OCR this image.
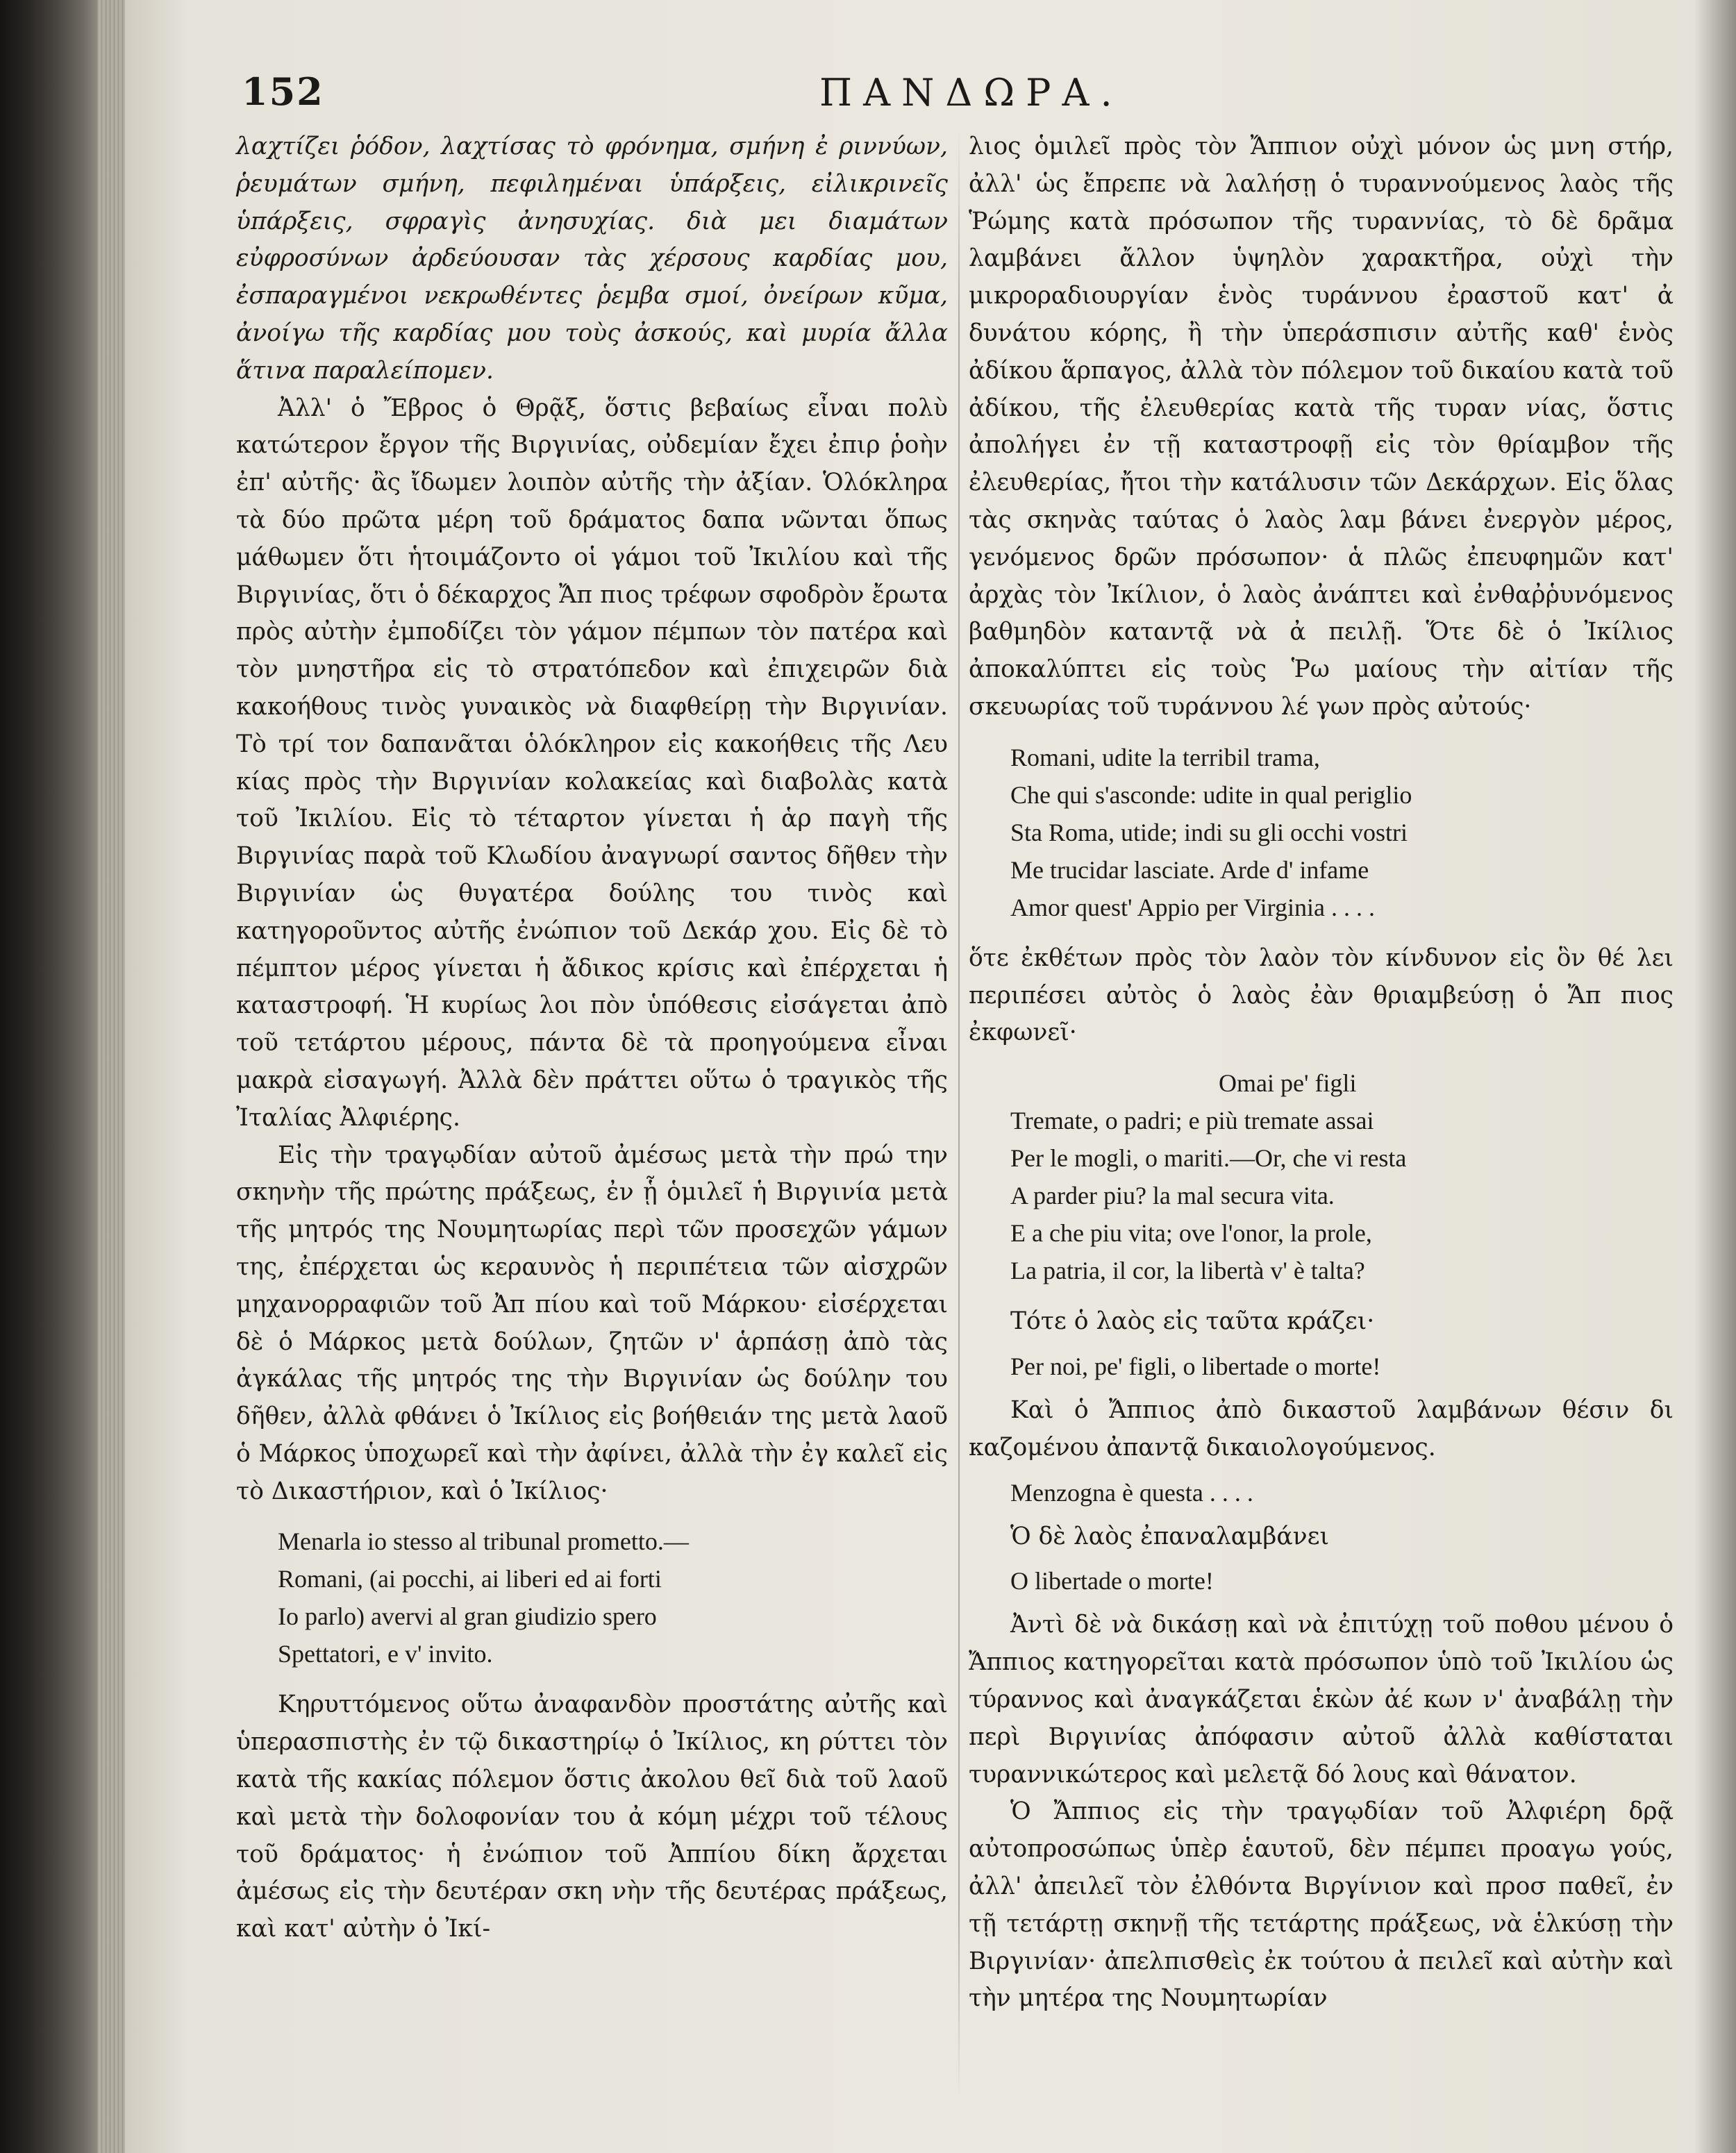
152	ΠΑΝΔΩΡΑ.

λαχτίζει ῥόδον, λαχτίσας τὸ φρόνημα, σμήνη ἐ ριννύων, ῥευμάτων σμήνη, πεφιλημέναι ὑπάρξεις, εἰλικρινεῖς ὑπάρξεις, σφραγὶς ἀνησυχίας. διὰ μει διαμάτων εὐφροσύνων ἀρδεύουσαν τὰς χέρσους καρδίας μου, ἐσπαραγμένοι νεκρωθέντες ῥεμβα σμοί, ὀνείρων κῦμα, ἀνοίγω τῆς καρδίας μου τοὺς ἀσκούς, καὶ μυρία ἄλλα ἅτινα παραλείπομεν.

Ἀλλ' ὁ Ἔβρος ὁ Θρᾷξ, ὅστις βεβαίως εἶναι πολὺ κατώτερον ἔργον τῆς Βιργινίας, οὐδεμίαν ἔχει ἐπιρ ῥοὴν ἐπ' αὐτῆς· ἂς ἴδωμεν λοιπὸν αὐτῆς τὴν ἀξίαν. Ὁλόκληρα τὰ δύο πρῶτα μέρη τοῦ δράματος δαπα νῶνται ὅπως μάθωμεν ὅτι ἡτοιμάζοντο οἱ γάμοι τοῦ Ἰκιλίου καὶ τῆς Βιργινίας, ὅτι ὁ δέκαρχος Ἄπ πιος τρέφων σφοδρὸν ἔρωτα πρὸς αὐτὴν ἐμποδίζει τὸν γάμον πέμπων τὸν πατέρα καὶ τὸν μνηστῆρα εἰς τὸ στρατόπεδον καὶ ἐπιχειρῶν διὰ κακοήθους τινὸς γυναικὸς νὰ διαφθείρῃ τὴν Βιργινίαν. Τὸ τρί τον δαπανᾶται ὁλόκληρον εἰς κακοήθεις τῆς Λευ κίας πρὸς τὴν Βιργινίαν κολακείας καὶ διαβολὰς κατὰ τοῦ Ἰκιλίου. Εἰς τὸ τέταρτον γίνεται ἡ ἁρ παγὴ τῆς Βιργινίας παρὰ τοῦ Κλωδίου ἀναγνωρί σαντος δῆθεν τὴν Βιργινίαν ὡς θυγατέρα δούλης του τινὸς καὶ κατηγοροῦντος αὐτῆς ἐνώπιον τοῦ Δεκάρ χου. Εἰς δὲ τὸ πέμπτον μέρος γίνεται ἡ ἄδικος κρίσις καὶ ἐπέρχεται ἡ καταστροφή. Ἡ κυρίως λοι πὸν ὑπόθεσις εἰσάγεται ἀπὸ τοῦ τετάρτου μέρους, πάντα δὲ τὰ προηγούμενα εἶναι μακρὰ εἰσαγωγή. Ἀλλὰ δὲν πράττει οὕτω ὁ τραγικὸς τῆς Ἰταλίας Ἀλφιέρης.

Εἰς τὴν τραγῳδίαν αὐτοῦ ἀμέσως μετὰ τὴν πρώ την σκηνὴν τῆς πρώτης πράξεως, ἐν ᾗ ὁμιλεῖ ἡ Βιργινία μετὰ τῆς μητρός της Νουμητωρίας περὶ τῶν προσεχῶν γάμων της, ἐπέρχεται ὡς κεραυνὸς ἡ περιπέτεια τῶν αἰσχρῶν μηχανορραφιῶν τοῦ Ἀπ πίου καὶ τοῦ Μάρκου· εἰσέρχεται δὲ ὁ Μάρκος μετὰ δούλων, ζητῶν ν' ἁρπάσῃ ἀπὸ τὰς ἀγκάλας τῆς μητρός της τὴν Βιργινίαν ὡς δούλην του δῆθεν, ἀλλὰ φθάνει ὁ Ἰκίλιος εἰς βοήθειάν της μετὰ λαοῦ ὁ Μάρκος ὑποχωρεῖ καὶ τὴν ἀφίνει, ἀλλὰ τὴν ἐγ καλεῖ εἰς τὸ Δικαστήριον, καὶ ὁ Ἰκίλιος·

Menarla io stesso al tribunal prometto.—
Romani, (ai pocchi, ai liberi ed ai forti
Io parlo) avervi al gran giudizio spero
Spettatori, e v' invito.

Κηρυττόμενος οὕτω ἀναφανδὸν προστάτης αὐτῆς καὶ ὑπερασπιστὴς ἐν τῷ δικαστηρίῳ ὁ Ἰκίλιος, κη ρύττει τὸν κατὰ τῆς κακίας πόλεμον ὅστις ἀκολου θεῖ διὰ τοῦ λαοῦ καὶ μετὰ τὴν δολοφονίαν του ἀ κόμη μέχρι τοῦ τέλους τοῦ δράματος· ἡ ἐνώπιον τοῦ Ἀππίου δίκη ἄρχεται ἀμέσως εἰς τὴν δευτέραν σκη νὴν τῆς δευτέρας πράξεως, καὶ κατ' αὐτὴν ὁ Ἰκί-

λιος ὁμιλεῖ πρὸς τὸν Ἄππιον οὐχὶ μόνον ὡς μνη στήρ, ἀλλ' ὡς ἔπρεπε νὰ λαλήσῃ ὁ τυραννούμενος λαὸς τῆς Ῥώμης κατὰ πρόσωπον τῆς τυραννίας, τὸ δὲ δρᾶμα λαμβάνει ἄλλον ὑψηλὸν χαρακτῆρα, οὐχὶ τὴν μικροραδιουργίαν ἑνὸς τυράννου ἐραστοῦ κατ' ἀ δυνάτου κόρης, ἢ τὴν ὑπεράσπισιν αὐτῆς καθ' ἑνὸς ἀδίκου ἅρπαγος, ἀλλὰ τὸν πόλεμον τοῦ δικαίου κατὰ τοῦ ἀδίκου, τῆς ἐλευθερίας κατὰ τῆς τυραν νίας, ὅστις ἀπολήγει ἐν τῇ καταστροφῇ εἰς τὸν θρίαμβον τῆς ἐλευθερίας, ἤτοι τὴν κατάλυσιν τῶν Δεκάρχων. Εἰς ὅλας τὰς σκηνὰς ταύτας ὁ λαὸς λαμ βάνει ἐνεργὸν μέρος, γενόμενος δρῶν πρόσωπον· ἁ πλῶς ἐπευφημῶν κατ' ἀρχὰς τὸν Ἰκίλιον, ὁ λαὸς ἀνάπτει καὶ ἐνθαῤῥυνόμενος βαθμηδὸν καταντᾷ νὰ ἀ πειλῇ. Ὅτε δὲ ὁ Ἰκίλιος ἀποκαλύπτει εἰς τοὺς Ῥω μαίους τὴν αἰτίαν τῆς σκευωρίας τοῦ τυράννου λέ γων πρὸς αὐτούς·

Romani, udite la terribil trama,
Che qui s'asconde: udite in qual periglio
Sta Roma, utide; indi su gli occhi vostri
Me trucidar lasciate. Arde d' infame
Amor quest' Appio per Virginia . . . .

ὅτε ἐκθέτων πρὸς τὸν λαὸν τὸν κίνδυνον εἰς ὃν θέ λει περιπέσει αὐτὸς ὁ λαὸς ἐὰν θριαμβεύσῃ ὁ Ἄπ πιος ἐκφωνεῖ·

Omai pe' figli
Tremate, o padri; e più tremate assai
Per le mogli, o mariti.—Or, che vi resta
A parder piu? la mal secura vita.
E a che piu vita; ove l'onor, la prole,
La patria, il cor, la libertà v' è talta?

Τότε ὁ λαὸς εἰς ταῦτα κράζει·

Per noi, pe' figli, o libertade o morte!

Καὶ ὁ Ἄππιος ἀπὸ δικαστοῦ λαμβάνων θέσιν δι καζομένου ἀπαντᾷ δικαιολογούμενος.

Menzogna è questa . . . .

Ὁ δὲ λαὸς ἐπαναλαμβάνει

O libertade o morte!

Ἀντὶ δὲ νὰ δικάσῃ καὶ νὰ ἐπιτύχῃ τοῦ ποθου μένου ὁ Ἄππιος κατηγορεῖται κατὰ πρόσωπον ὑπὸ τοῦ Ἰκιλίου ὡς τύραννος καὶ ἀναγκάζεται ἑκὼν ἀέ κων ν' ἀναβάλῃ τὴν περὶ Βιργινίας ἀπόφασιν αὐτοῦ ἀλλὰ καθίσταται τυραννικώτερος καὶ μελετᾷ δό λους καὶ θάνατον.

Ὁ Ἄππιος εἰς τὴν τραγῳδίαν τοῦ Ἀλφιέρη δρᾷ αὐτοπροσώπως ὑπὲρ ἑαυτοῦ, δὲν πέμπει προαγω γούς, ἀλλ' ἀπειλεῖ τὸν ἐλθόντα Βιργίνιον καὶ προσ παθεῖ, ἐν τῇ τετάρτῃ σκηνῇ τῆς τετάρτης πράξεως, νὰ ἑλκύσῃ τὴν Βιργινίαν· ἀπελπισθεὶς ἐκ τούτου ἀ πειλεῖ καὶ αὐτὴν καὶ τὴν μητέρα της Νουμητωρίαν
